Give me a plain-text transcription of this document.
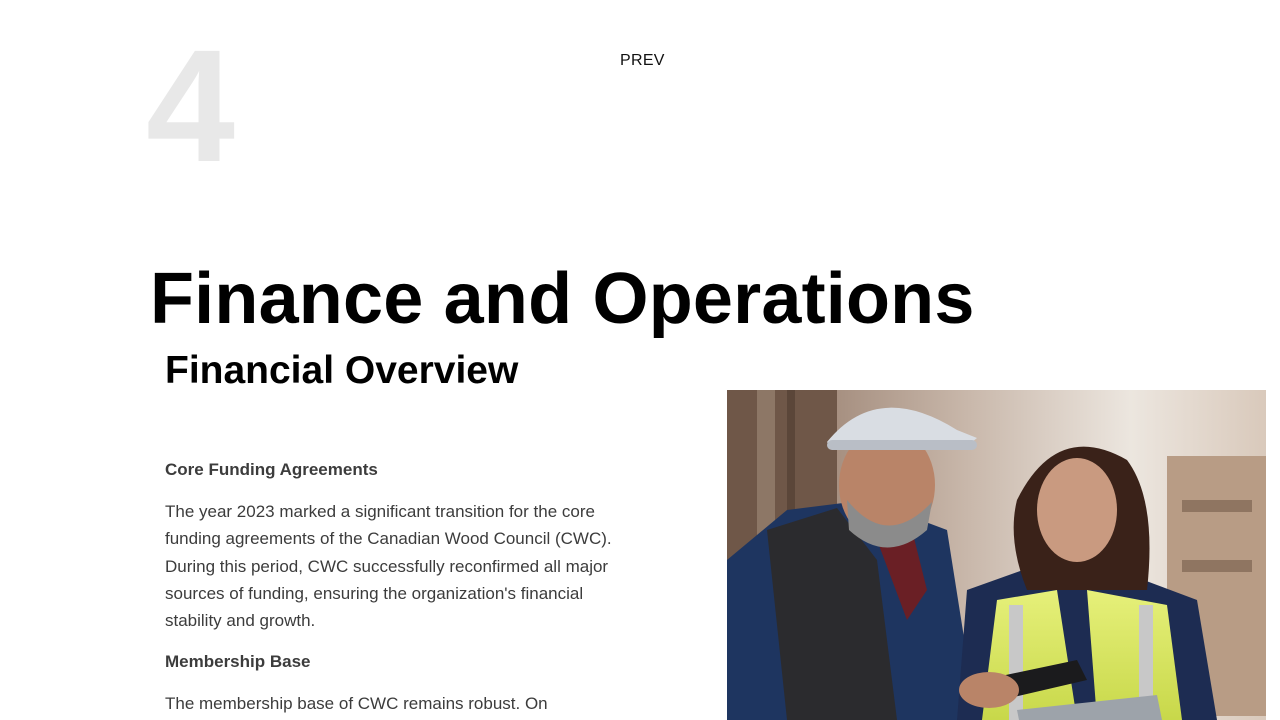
4	PREV
Finance and Operations
Financial Overview
Core Funding Agreements

The year 2023 marked a significant transition for the core funding agreements of the Canadian Wood Council (CWC). During this period, CWC successfully reconfirmed all major sources of funding, ensuring the organization's financial stability and growth.

Membership Base

The membership base of CWC remains robust. On
